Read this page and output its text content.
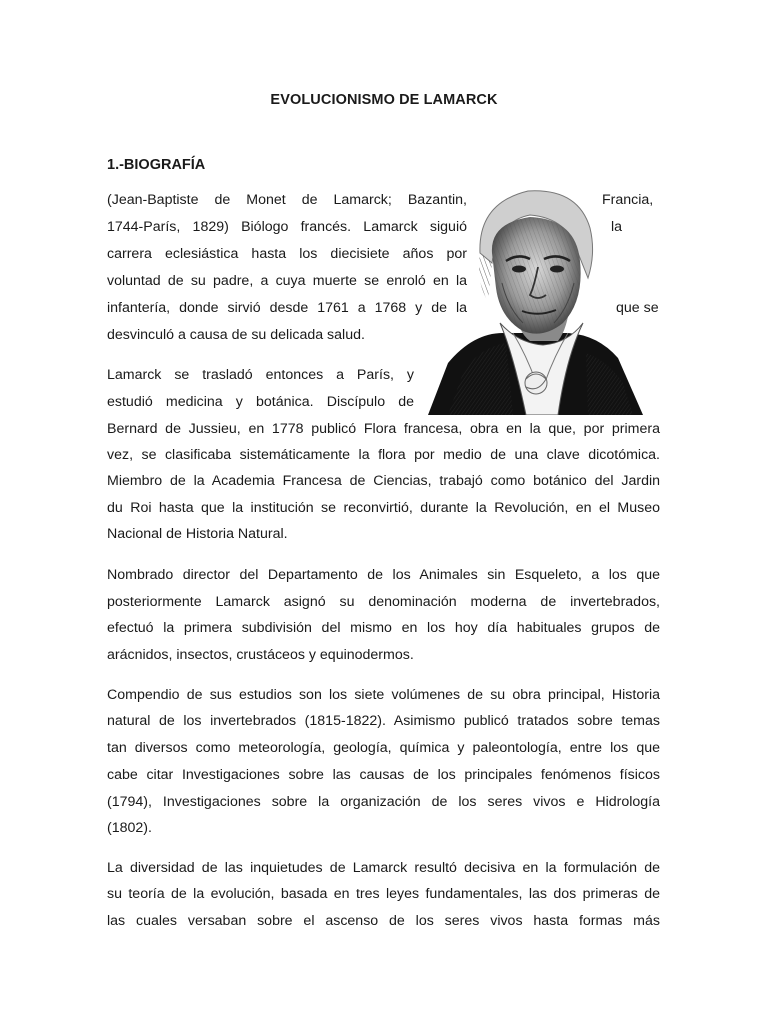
EVOLUCIONISMO DE LAMARCK
1.-BIOGRAFÍA
(Jean-Baptiste de Monet de Lamarck; Bazantin,	Francia,
1744-París, 1829) Biólogo francés. Lamarck siguió	la
carrera eclesiástica hasta los diecisiete años por
voluntad de su padre, a cuya muerte se enroló en la
infantería, donde sirvió desde 1761 a 1768 y de la	que se
desvinculó a causa de su delicada salud.
Lamarck se trasladó entonces a París, y
estudió medicina y botánica. Discípulo de
Bernard de Jussieu, en 1778 publicó Flora francesa, obra en la que, por primera
vez, se clasificaba sistemáticamente la flora por medio de una clave dicotómica.
Miembro de la Academia Francesa de Ciencias, trabajó como botánico del Jardin
du Roi hasta que la institución se reconvirtió, durante la Revolución, en el Museo
Nacional de Historia Natural.
Nombrado director del Departamento de los Animales sin Esqueleto, a los que
posteriormente Lamarck asignó su denominación moderna de invertebrados,
efectuó la primera subdivisión del mismo en los hoy día habituales grupos de
arácnidos, insectos, crustáceos y equinodermos.
Compendio de sus estudios son los siete volúmenes de su obra principal, Historia
natural de los invertebrados (1815-1822). Asimismo publicó tratados sobre temas
tan diversos como meteorología, geología, química y paleontología, entre los que
cabe citar Investigaciones sobre las causas de los principales fenómenos físicos
(1794), Investigaciones sobre la organización de los seres vivos e Hidrología
(1802).
La diversidad de las inquietudes de Lamarck resultó decisiva en la formulación de
su teoría de la evolución, basada en tres leyes fundamentales, las dos primeras de
las cuales versaban sobre el ascenso de los seres vivos hasta formas más
